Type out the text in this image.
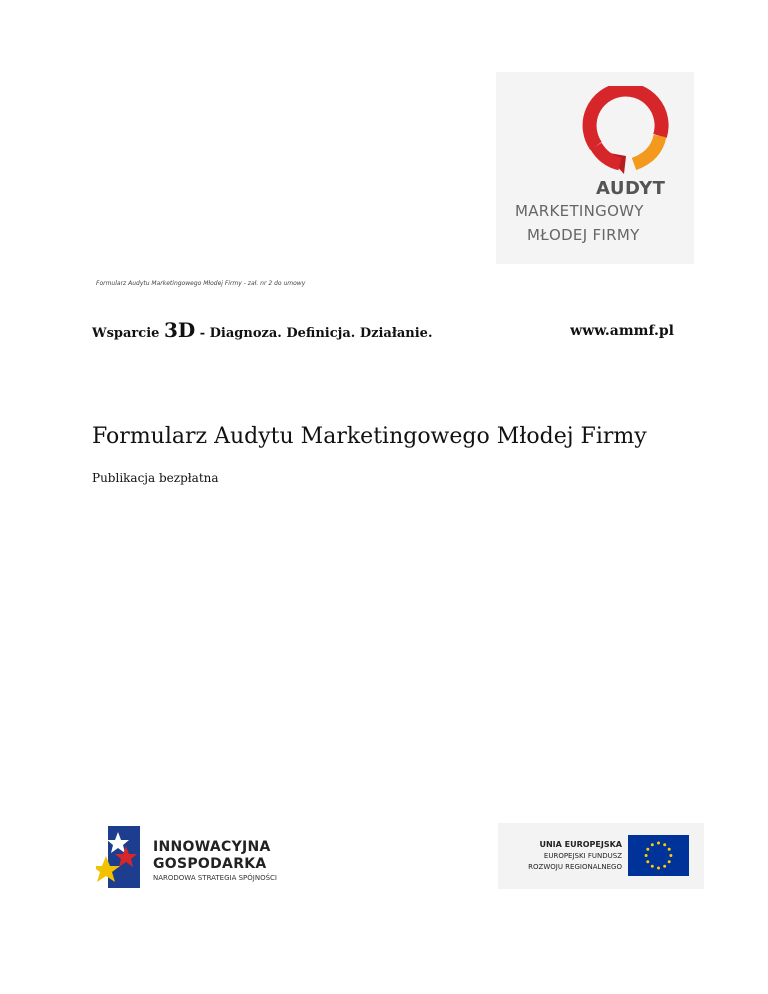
AUDYT
MARKETINGOWY
MŁODEJ FIRMY
Formularz Audytu Marketingowego Młodej Firmy - zał. nr 2 do umowy
Wsparcie 3D - Diagnoza. Definicja. Działanie.	www.ammf.pl
Formularz Audytu Marketingowego Młodej Firmy
Publikacja bezpłatna
INNOWACYJNA
GOSPODARKA
NARODOWA STRATEGIA SPÓJNOŚCI
UNIA EUROPEJSKA
EUROPEJSKI FUNDUSZ
ROZWOJU REGIONALNEGO
